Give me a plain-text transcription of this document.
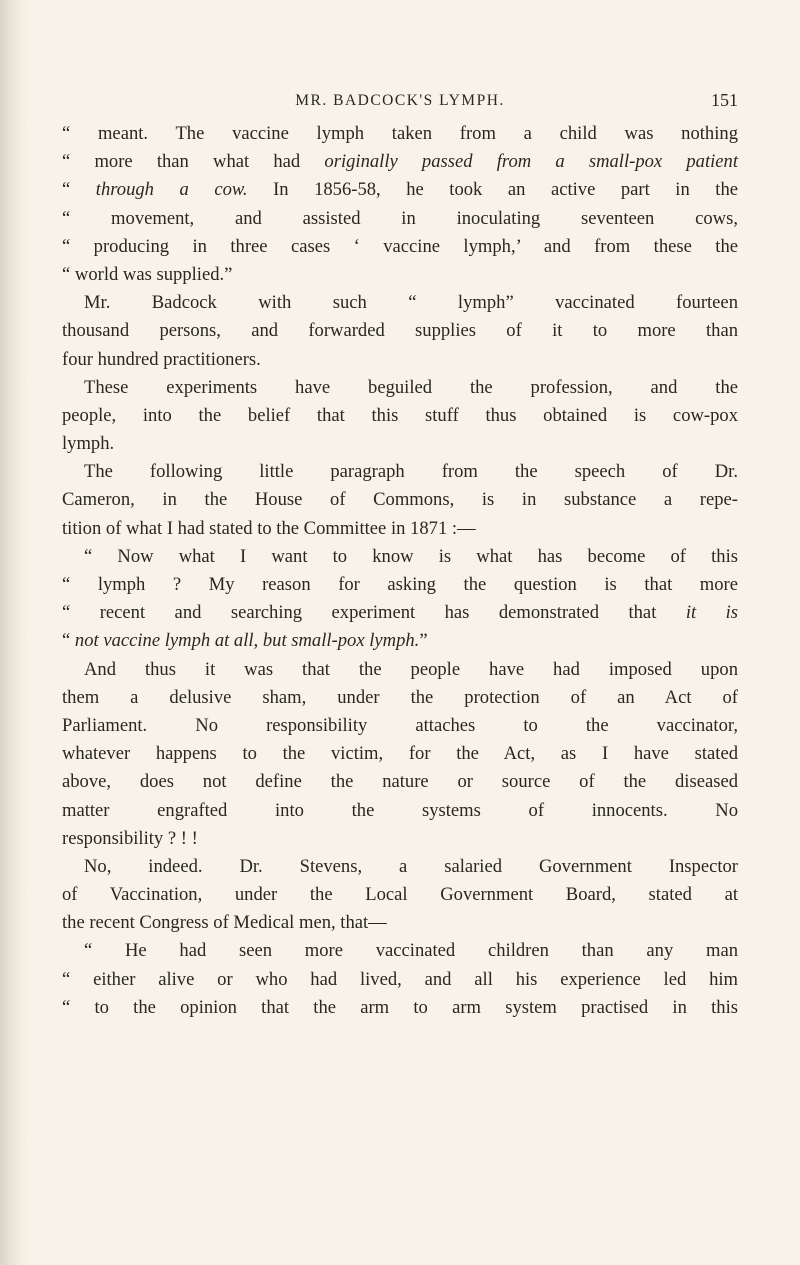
MR. BADCOCK'S LYMPH.	151
“ meant. The vaccine lymph taken from a child was nothing
“ more than what had originally passed from a small-pox patient
“ through a cow. In 1856-58, he took an active part in the
“ movement, and assisted in inoculating seventeen cows,
“ producing in three cases ‘ vaccine lymph,’ and from these the
“ world was supplied.”
Mr. Badcock with such “ lymph” vaccinated fourteen
thousand persons, and forwarded supplies of it to more than
four hundred practitioners.
These experiments have beguiled the profession, and the
people, into the belief that this stuff thus obtained is cow-pox
lymph.
The following little paragraph from the speech of Dr.
Cameron, in the House of Commons, is in substance a repe-
tition of what I had stated to the Committee in 1871 :—
“ Now what I want to know is what has become of this
“ lymph ? My reason for asking the question is that more
“ recent and searching experiment has demonstrated that it is
“ not vaccine lymph at all, but small-pox lymph.”
And thus it was that the people have had imposed upon
them a delusive sham, under the protection of an Act of
Parliament. No responsibility attaches to the vaccinator,
whatever happens to the victim, for the Act, as I have stated
above, does not define the nature or source of the diseased
matter engrafted into the systems of innocents. No
responsibility ? ! !
No, indeed. Dr. Stevens, a salaried Government Inspector
of Vaccination, under the Local Government Board, stated at
the recent Congress of Medical men, that—
“ He had seen more vaccinated children than any man
“ either alive or who had lived, and all his experience led him
“ to the opinion that the arm to arm system practised in this
